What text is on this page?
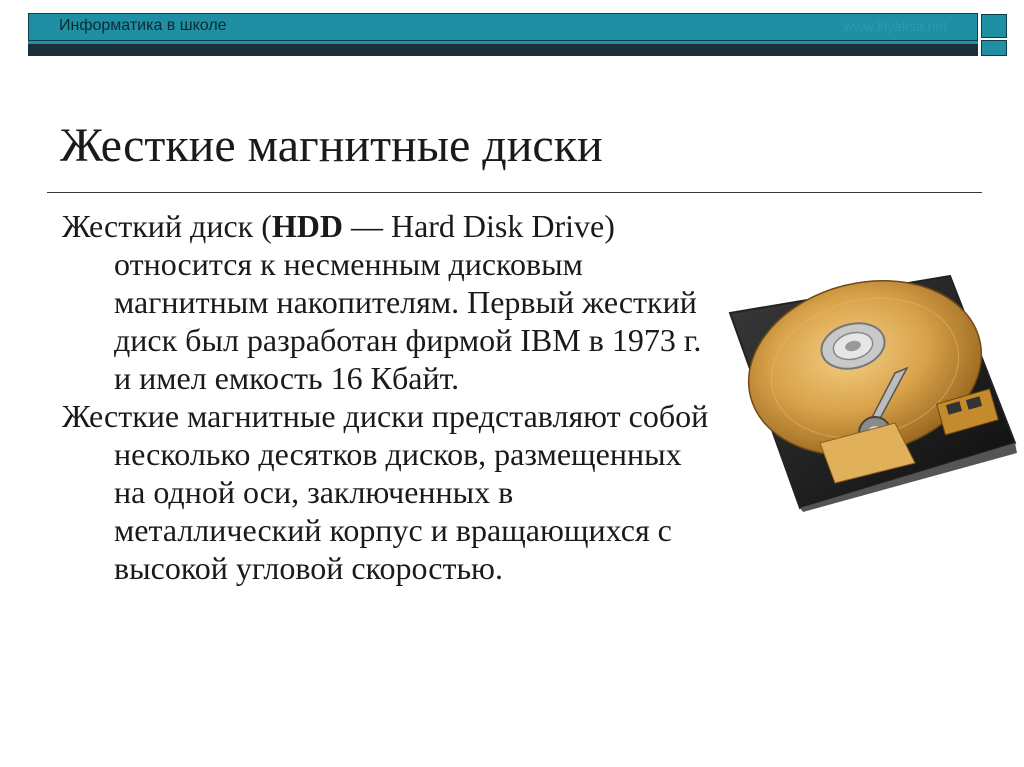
Информатика в школе	www.klyaksa.net
Жесткие магнитные диски

Жесткий диск (HDD — Hard Disk Drive) относится к несменным дисковым магнитным накопителям. Первый жесткий диск был разработан фирмой IBM в 1973 г. и имел емкость 16 Кбайт.

Жесткие магнитные диски представляют собой несколько десятков дисков, размещенных на одной оси, заключенных в металлический корпус и вращающихся с высокой угловой скоростью.
